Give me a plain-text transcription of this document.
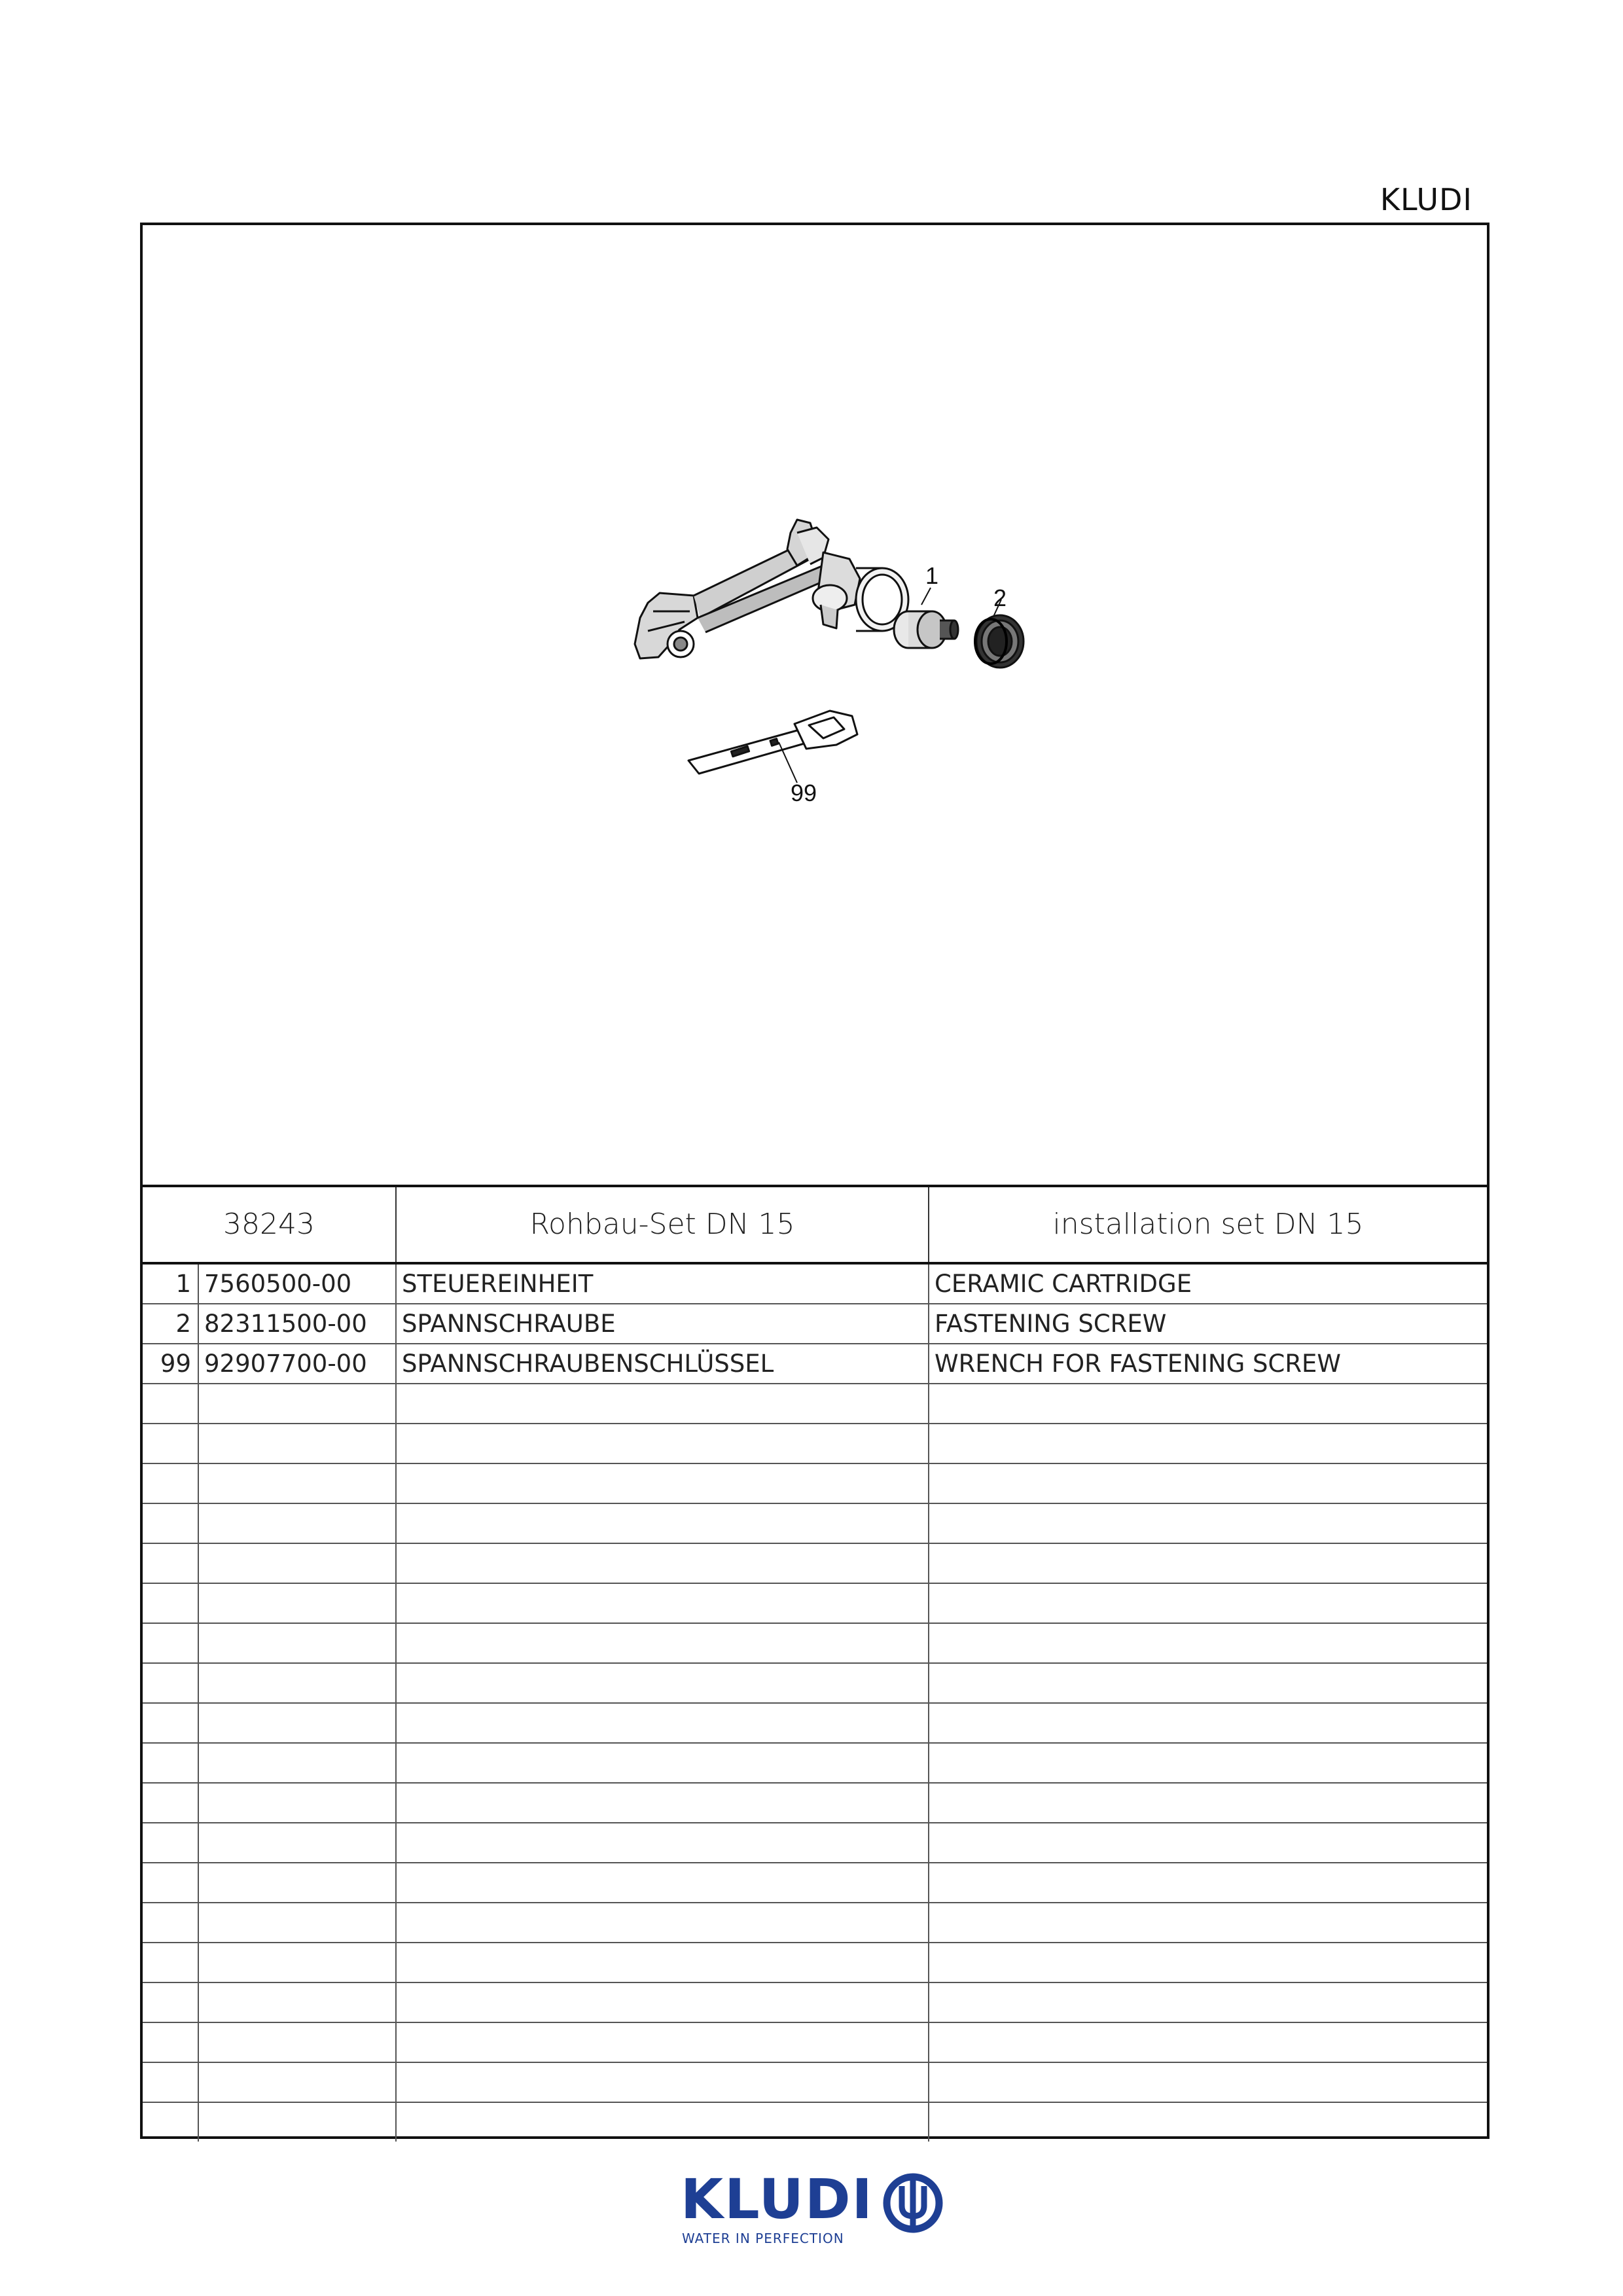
KLUDI
1
2
99
38243	Rohbau-Set DN 15	installation set DN 15
1 7560500-00	STEUEREINHEIT	CERAMIC CARTRIDGE
2 82311500-00	SPANNSCHRAUBE	FASTENING SCREW
99 92907700-00	SPANNSCHRAUBENSCHLÜSSEL	WRENCH FOR FASTENING SCREW
KLUDI
WATER IN PERFECTION
